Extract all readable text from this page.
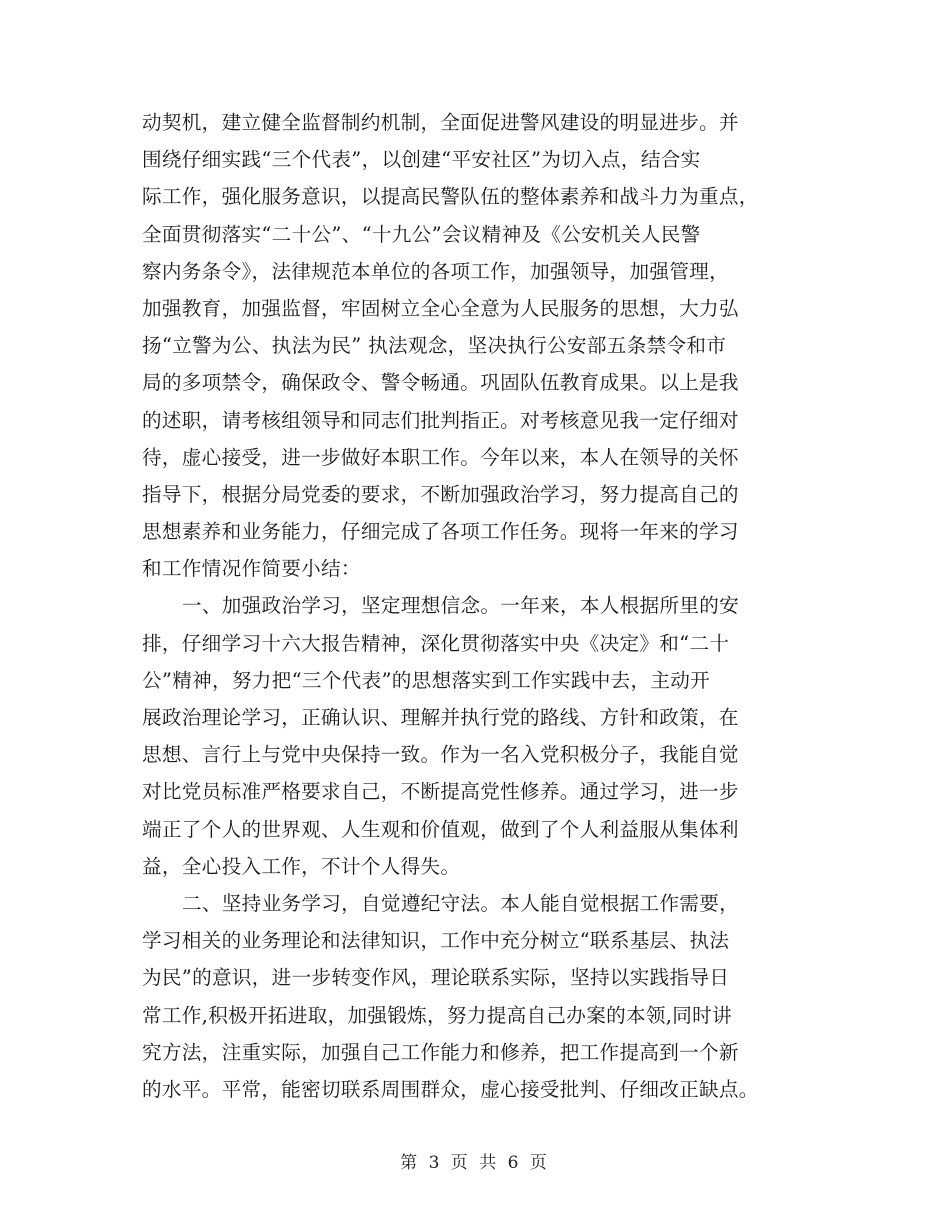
动契机，建立健全监督制约机制，全面促进警风建设的明显进步。并
围绕仔细实践“三个代表”，以创建“平安社区”为切入点，结合实
际工作，强化服务意识，以提高民警队伍的整体素养和战斗力为重点，
全面贯彻落实“二十公”、“十九公”会议精神及《公安机关人民警
察内务条令》，法律规范本单位的各项工作，加强领导，加强管理，
加强教育，加强监督，牢固树立全心全意为人民服务的思想，大力弘
扬“立警为公、执法为民” 执法观念，坚决执行公安部五条禁令和市
局的多项禁令，确保政令、警令畅通。巩固队伍教育成果。以上是我
的述职，请考核组领导和同志们批判指正。对考核意见我一定仔细对
待，虚心接受，进一步做好本职工作。今年以来，本人在领导的关怀
指导下，根据分局党委的要求，不断加强政治学习，努力提高自己的
思想素养和业务能力，仔细完成了各项工作任务。现将一年来的学习
和工作情况作简要小结：
一、加强政治学习，坚定理想信念。一年来，本人根据所里的安
排，仔细学习十六大报告精神，深化贯彻落实中央《决定》和“二十
公”精神，努力把“三个代表”的思想落实到工作实践中去，主动开
展政治理论学习，正确认识、理解并执行党的路线、方针和政策，在
思想、言行上与党中央保持一致。作为一名入党积极分子，我能自觉
对比党员标准严格要求自己，不断提高党性修养。通过学习，进一步
端正了个人的世界观、人生观和价值观，做到了个人利益服从集体利
益，全心投入工作，不计个人得失。
二、坚持业务学习，自觉遵纪守法。本人能自觉根据工作需要，
学习相关的业务理论和法律知识，工作中充分树立“联系基层、执法
为民”的意识，进一步转变作风，理论联系实际，坚持以实践指导日
常工作,积极开拓进取，加强锻炼，努力提高自己办案的本领,同时讲
究方法，注重实际，加强自己工作能力和修养，把工作提高到一个新
的水平。平常，能密切联系周围群众，虚心接受批判、仔细改正缺点。
第 3 页 共 6 页
